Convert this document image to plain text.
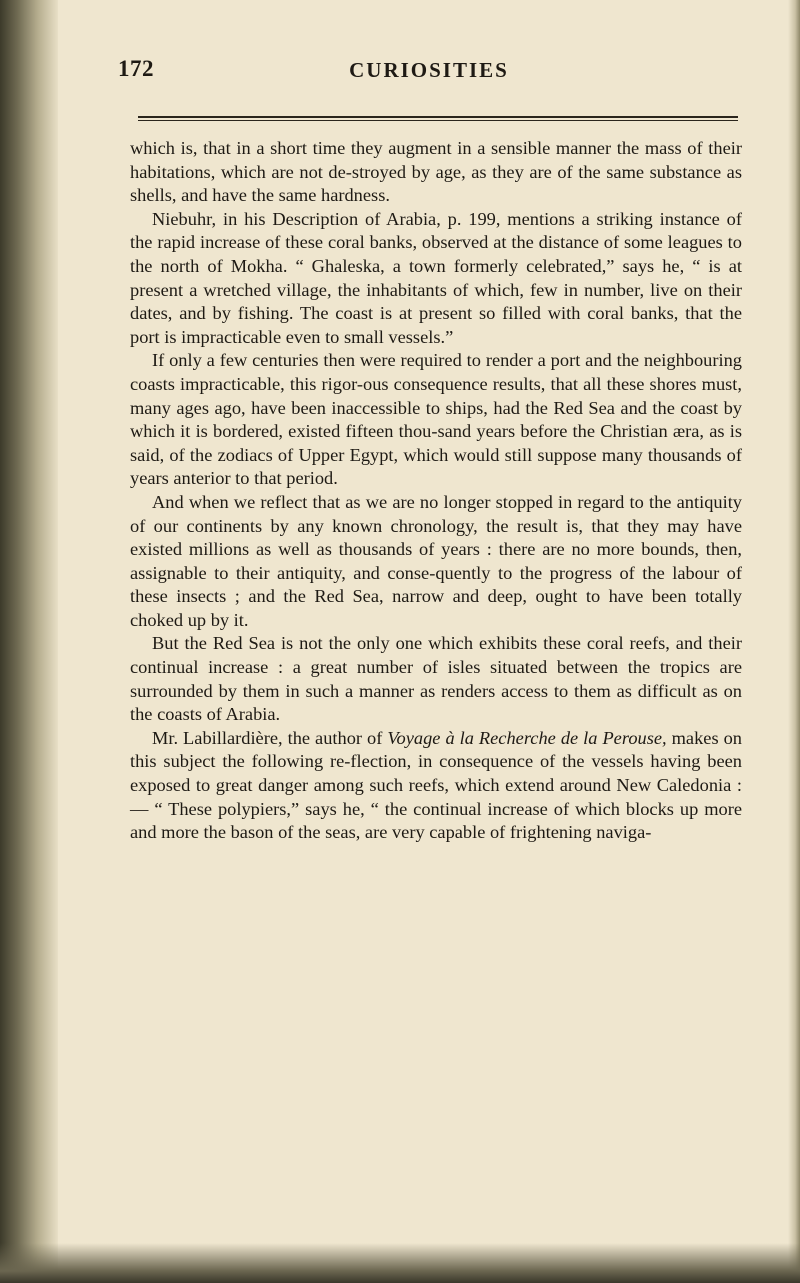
172	CURIOSITIES

which is, that in a short time they augment in a sensible manner the mass of their habitations, which are not de-stroyed by age, as they are of the same substance as shells, and have the same hardness.

Niebuhr, in his Description of Arabia, p. 199, mentions a striking instance of the rapid increase of these coral banks, observed at the distance of some leagues to the north of Mokha. “ Ghaleska, a town formerly celebrated,” says he, “ is at present a wretched village, the inhabitants of which, few in number, live on their dates, and by fishing. The coast is at present so filled with coral banks, that the port is impracticable even to small vessels.”

If only a few centuries then were required to render a port and the neighbouring coasts impracticable, this rigor-ous consequence results, that all these shores must, many ages ago, have been inaccessible to ships, had the Red Sea and the coast by which it is bordered, existed fifteen thou-sand years before the Christian æra, as is said, of the zodiacs of Upper Egypt, which would still suppose many thousands of years anterior to that period.

And when we reflect that as we are no longer stopped in regard to the antiquity of our continents by any known chronology, the result is, that they may have existed millions as well as thousands of years : there are no more bounds, then, assignable to their antiquity, and conse-quently to the progress of the labour of these insects ; and the Red Sea, narrow and deep, ought to have been totally choked up by it.

But the Red Sea is not the only one which exhibits these coral reefs, and their continual increase : a great number of isles situated between the tropics are surrounded by them in such a manner as renders access to them as difficult as on the coasts of Arabia.

Mr. Labillardière, the author of Voyage à la Recherche de la Perouse, makes on this subject the following re-flection, in consequence of the vessels having been exposed to great danger among such reefs, which extend around New Caledonia : — “ These polypiers,” says he, “ the continual increase of which blocks up more and more the bason of the seas, are very capable of frightening naviga-
